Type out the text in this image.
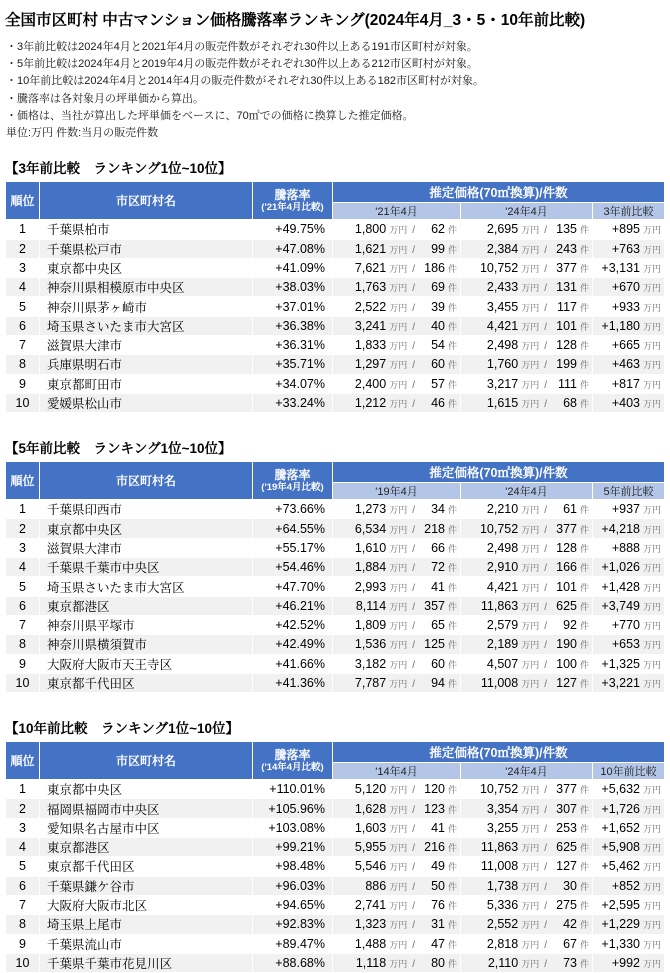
全国市区町村 中古マンション価格騰落率ランキング(2024年4月_3・5・10年前比較)
・3年前比較は2024年4月と2021年4月の販売件数がそれぞれ30件以上ある191市区町村が対象。
・5年前比較は2024年4月と2019年4月の販売件数がそれぞれ30件以上ある212市区町村が対象。
・10年前比較は2024年4月と2014年4月の販売件数がそれぞれ30件以上ある182市区町村が対象。
・騰落率は各対象月の坪単価から算出。
・価格は、当社が算出した坪単価をベースに、70㎡での価格に換算した推定価格。
単位:万円 件数:当月の販売件数
【3年前比較　ランキング1位~10位】
順位	市区町村名	騰落率
('21年4月比較)	推定価格(70㎡換算)/件数		
			'21年4月	'24年4月	3年前比較
1	千葉県柏市	+49.75%	1,800 万円 / 62 件	2,695 万円 / 135 件	+895 万円

2	千葉県松戸市	+47.08%	1,621 万円 / 99 件	2,384 万円 / 243 件	+763 万円

3	東京都中央区	+41.09%	7,621 万円 / 186 件	10,752 万円 / 377 件	+3,131 万円

4	神奈川県相模原市中央区	+38.03%	1,763 万円 / 69 件	2,433 万円 / 131 件	+670 万円

5	神奈川県茅ヶ崎市	+37.01%	2,522 万円 / 39 件	3,455 万円 / 117 件	+933 万円

6	埼玉県さいたま市大宮区	+36.38%	3,241 万円 / 40 件	4,421 万円 / 101 件	+1,180 万円

7	滋賀県大津市	+36.31%	1,833 万円 / 54 件	2,498 万円 / 128 件	+665 万円

8	兵庫県明石市	+35.71%	1,297 万円 / 60 件	1,760 万円 / 199 件	+463 万円

9	東京都町田市	+34.07%	2,400 万円 / 57 件	3,217 万円 / 111 件	+817 万円

10	愛媛県松山市	+33.24%	1,212 万円 / 46 件	1,615 万円 / 68 件	+403 万円
【5年前比較　ランキング1位~10位】
順位	市区町村名	騰落率
('19年4月比較)	推定価格(70㎡換算)/件数		
			'19年4月	'24年4月	5年前比較
1	千葉県印西市	+73.66%	1,273 万円 / 34 件	2,210 万円 / 61 件	+937 万円

2	東京都中央区	+64.55%	6,534 万円 / 218 件	10,752 万円 / 377 件	+4,218 万円

3	滋賀県大津市	+55.17%	1,610 万円 / 66 件	2,498 万円 / 128 件	+888 万円

4	千葉県千葉市中央区	+54.46%	1,884 万円 / 72 件	2,910 万円 / 166 件	+1,026 万円

5	埼玉県さいたま市大宮区	+47.70%	2,993 万円 / 41 件	4,421 万円 / 101 件	+1,428 万円

6	東京都港区	+46.21%	8,114 万円 / 357 件	11,863 万円 / 625 件	+3,749 万円

7	神奈川県平塚市	+42.52%	1,809 万円 / 65 件	2,579 万円 / 92 件	+770 万円

8	神奈川県横須賀市	+42.49%	1,536 万円 / 125 件	2,189 万円 / 190 件	+653 万円

9	大阪府大阪市天王寺区	+41.66%	3,182 万円 / 60 件	4,507 万円 / 100 件	+1,325 万円

10	東京都千代田区	+41.36%	7,787 万円 / 94 件	11,008 万円 / 127 件	+3,221 万円
【10年前比較　ランキング1位~10位】
順位	市区町村名	騰落率
('14年4月比較)	推定価格(70㎡換算)/件数		
			'14年4月	'24年4月	10年前比較
1	東京都中央区	+110.01%	5,120 万円 / 120 件	10,752 万円 / 377 件	+5,632 万円

2	福岡県福岡市中央区	+105.96%	1,628 万円 / 123 件	3,354 万円 / 307 件	+1,726 万円

3	愛知県名古屋市中区	+103.08%	1,603 万円 / 41 件	3,255 万円 / 253 件	+1,652 万円

4	東京都港区	+99.21%	5,955 万円 / 216 件	11,863 万円 / 625 件	+5,908 万円

5	東京都千代田区	+98.48%	5,546 万円 / 49 件	11,008 万円 / 127 件	+5,462 万円

6	千葉県鎌ケ谷市	+96.03%	886 万円 / 50 件	1,738 万円 / 30 件	+852 万円

7	大阪府大阪市北区	+94.65%	2,741 万円 / 76 件	5,336 万円 / 275 件	+2,595 万円

8	埼玉県上尾市	+92.83%	1,323 万円 / 31 件	2,552 万円 / 42 件	+1,229 万円

9	千葉県流山市	+89.47%	1,488 万円 / 47 件	2,818 万円 / 67 件	+1,330 万円

10	千葉県千葉市花見川区	+88.68%	1,118 万円 / 80 件	2,110 万円 / 73 件	+992 万円
